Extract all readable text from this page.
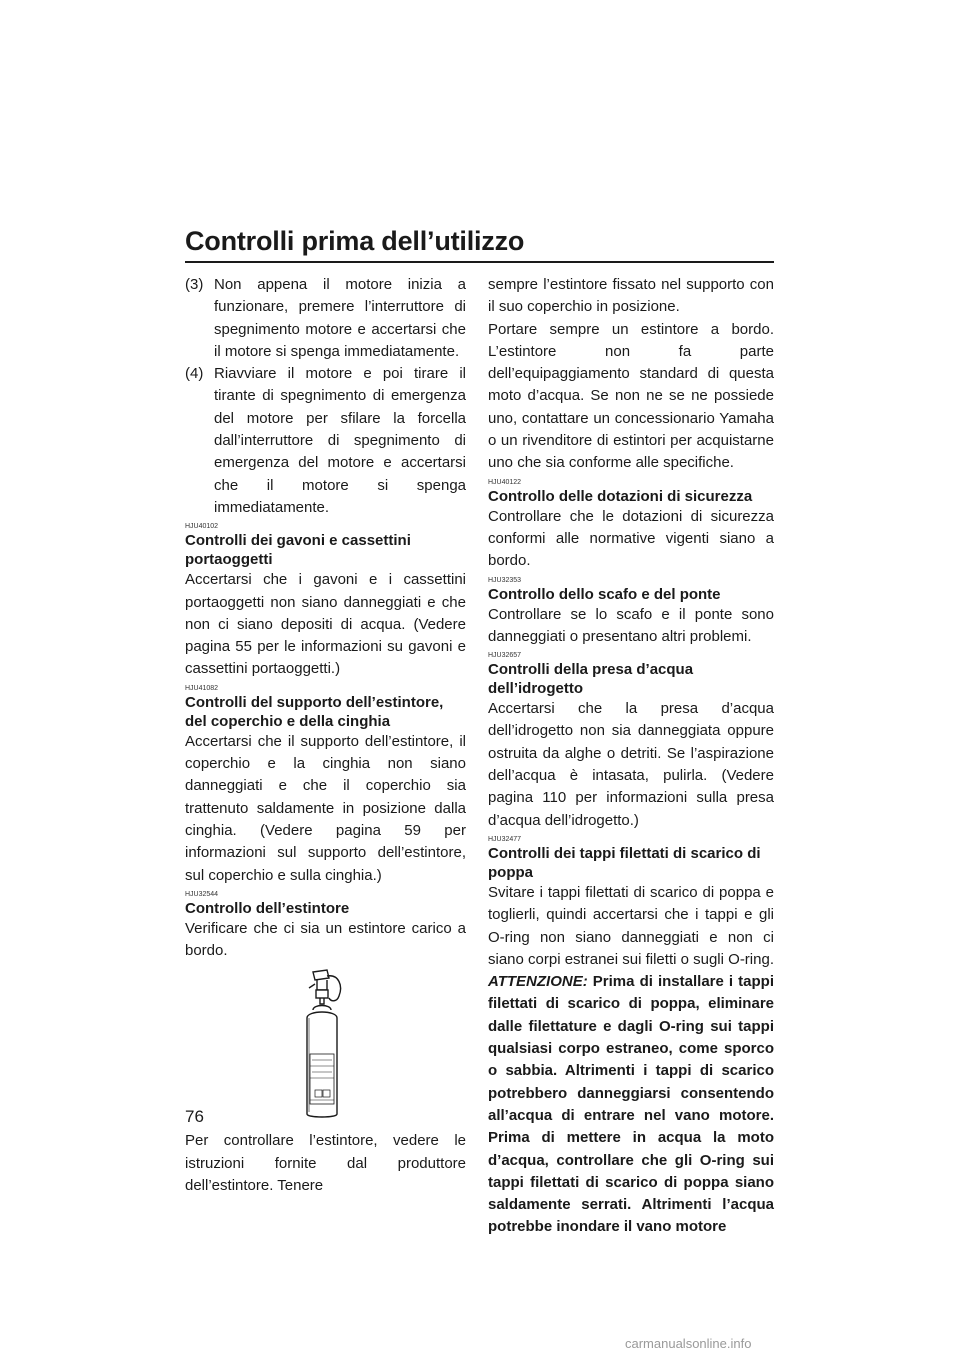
Controlli prima dell’utilizzo
76
(3) Non appena il motore inizia a funzionare, premere l’interruttore di spegnimento motore e accertarsi che il motore si spenga immediatamente.
(4) Riavviare il motore e poi tirare il tirante di spegnimento di emergenza del motore per sfilare la forcella dall’interruttore di spegnimento di emergenza del motore e accertarsi che il motore si spenga immediatamente.
HJU40102
Controlli dei gavoni e cassettini portaoggetti

Accertarsi che i gavoni e i cassettini portaoggetti non siano danneggiati e che non ci siano depositi di acqua. (Vedere pagina 55 per le informazioni su gavoni e cassettini portaoggetti.)

HJU41082
Controlli del supporto dell’estintore, del coperchio e della cinghia

Accertarsi che il supporto dell’estintore, il coperchio e la cinghia non siano danneggiati e che il coperchio sia trattenuto saldamente in posizione dalla cinghia. (Vedere pagina 59 per informazioni sul supporto dell’estintore, sul coperchio e sulla cinghia.)

HJU32544
Controllo dell’estintore

Verificare che ci sia un estintore carico a bordo.

Per controllare l’estintore, vedere le istruzioni fornite dal produttore dell’estintore. Tenere

sempre l’estintore fissato nel supporto con il suo coperchio in posizione.

Portare sempre un estintore a bordo. L’estintore non fa parte dell’equipaggiamento standard di questa moto d’acqua. Se non ne se ne possiede uno, contattare un concessionario Yamaha o un rivenditore di estintori per acquistarne uno che sia conforme alle specifiche.

HJU40122
Controllo delle dotazioni di sicurezza

Controllare che le dotazioni di sicurezza conformi alle normative vigenti siano a bordo.

HJU32353
Controllo dello scafo e del ponte

Controllare se lo scafo e il ponte sono danneggiati o presentano altri problemi.

HJU32657
Controlli della presa d’acqua dell’idrogetto

Accertarsi che la presa d’acqua dell’idrogetto non sia danneggiata oppure ostruita da alghe o detriti. Se l’aspirazione dell’acqua è intasata, pulirla. (Vedere pagina 110 per informazioni sulla presa d’acqua dell’idrogetto.)

HJU32477
Controlli dei tappi filettati di scarico di poppa

Svitare i tappi filettati di scarico di poppa e toglierli, quindi accertarsi che i tappi e gli O-ring non siano danneggiati e non ci siano corpi estranei sui filetti o sugli O-ring. ATTENZIONE: Prima di installare i tappi filettati di scarico di poppa, eliminare dalle filettature e dagli O-ring sui tappi qualsiasi corpo estraneo, come sporco o sabbia. Altrimenti i tappi di scarico potrebbero danneggiarsi consentendo all’acqua di entrare nel vano motore. Prima di mettere in acqua la moto d’acqua, controllare che gli O-ring sui tappi filettati di scarico di poppa siano saldamente serrati. Altrimenti l’acqua potrebbe inondare il vano motore

carmanualsonline.info
